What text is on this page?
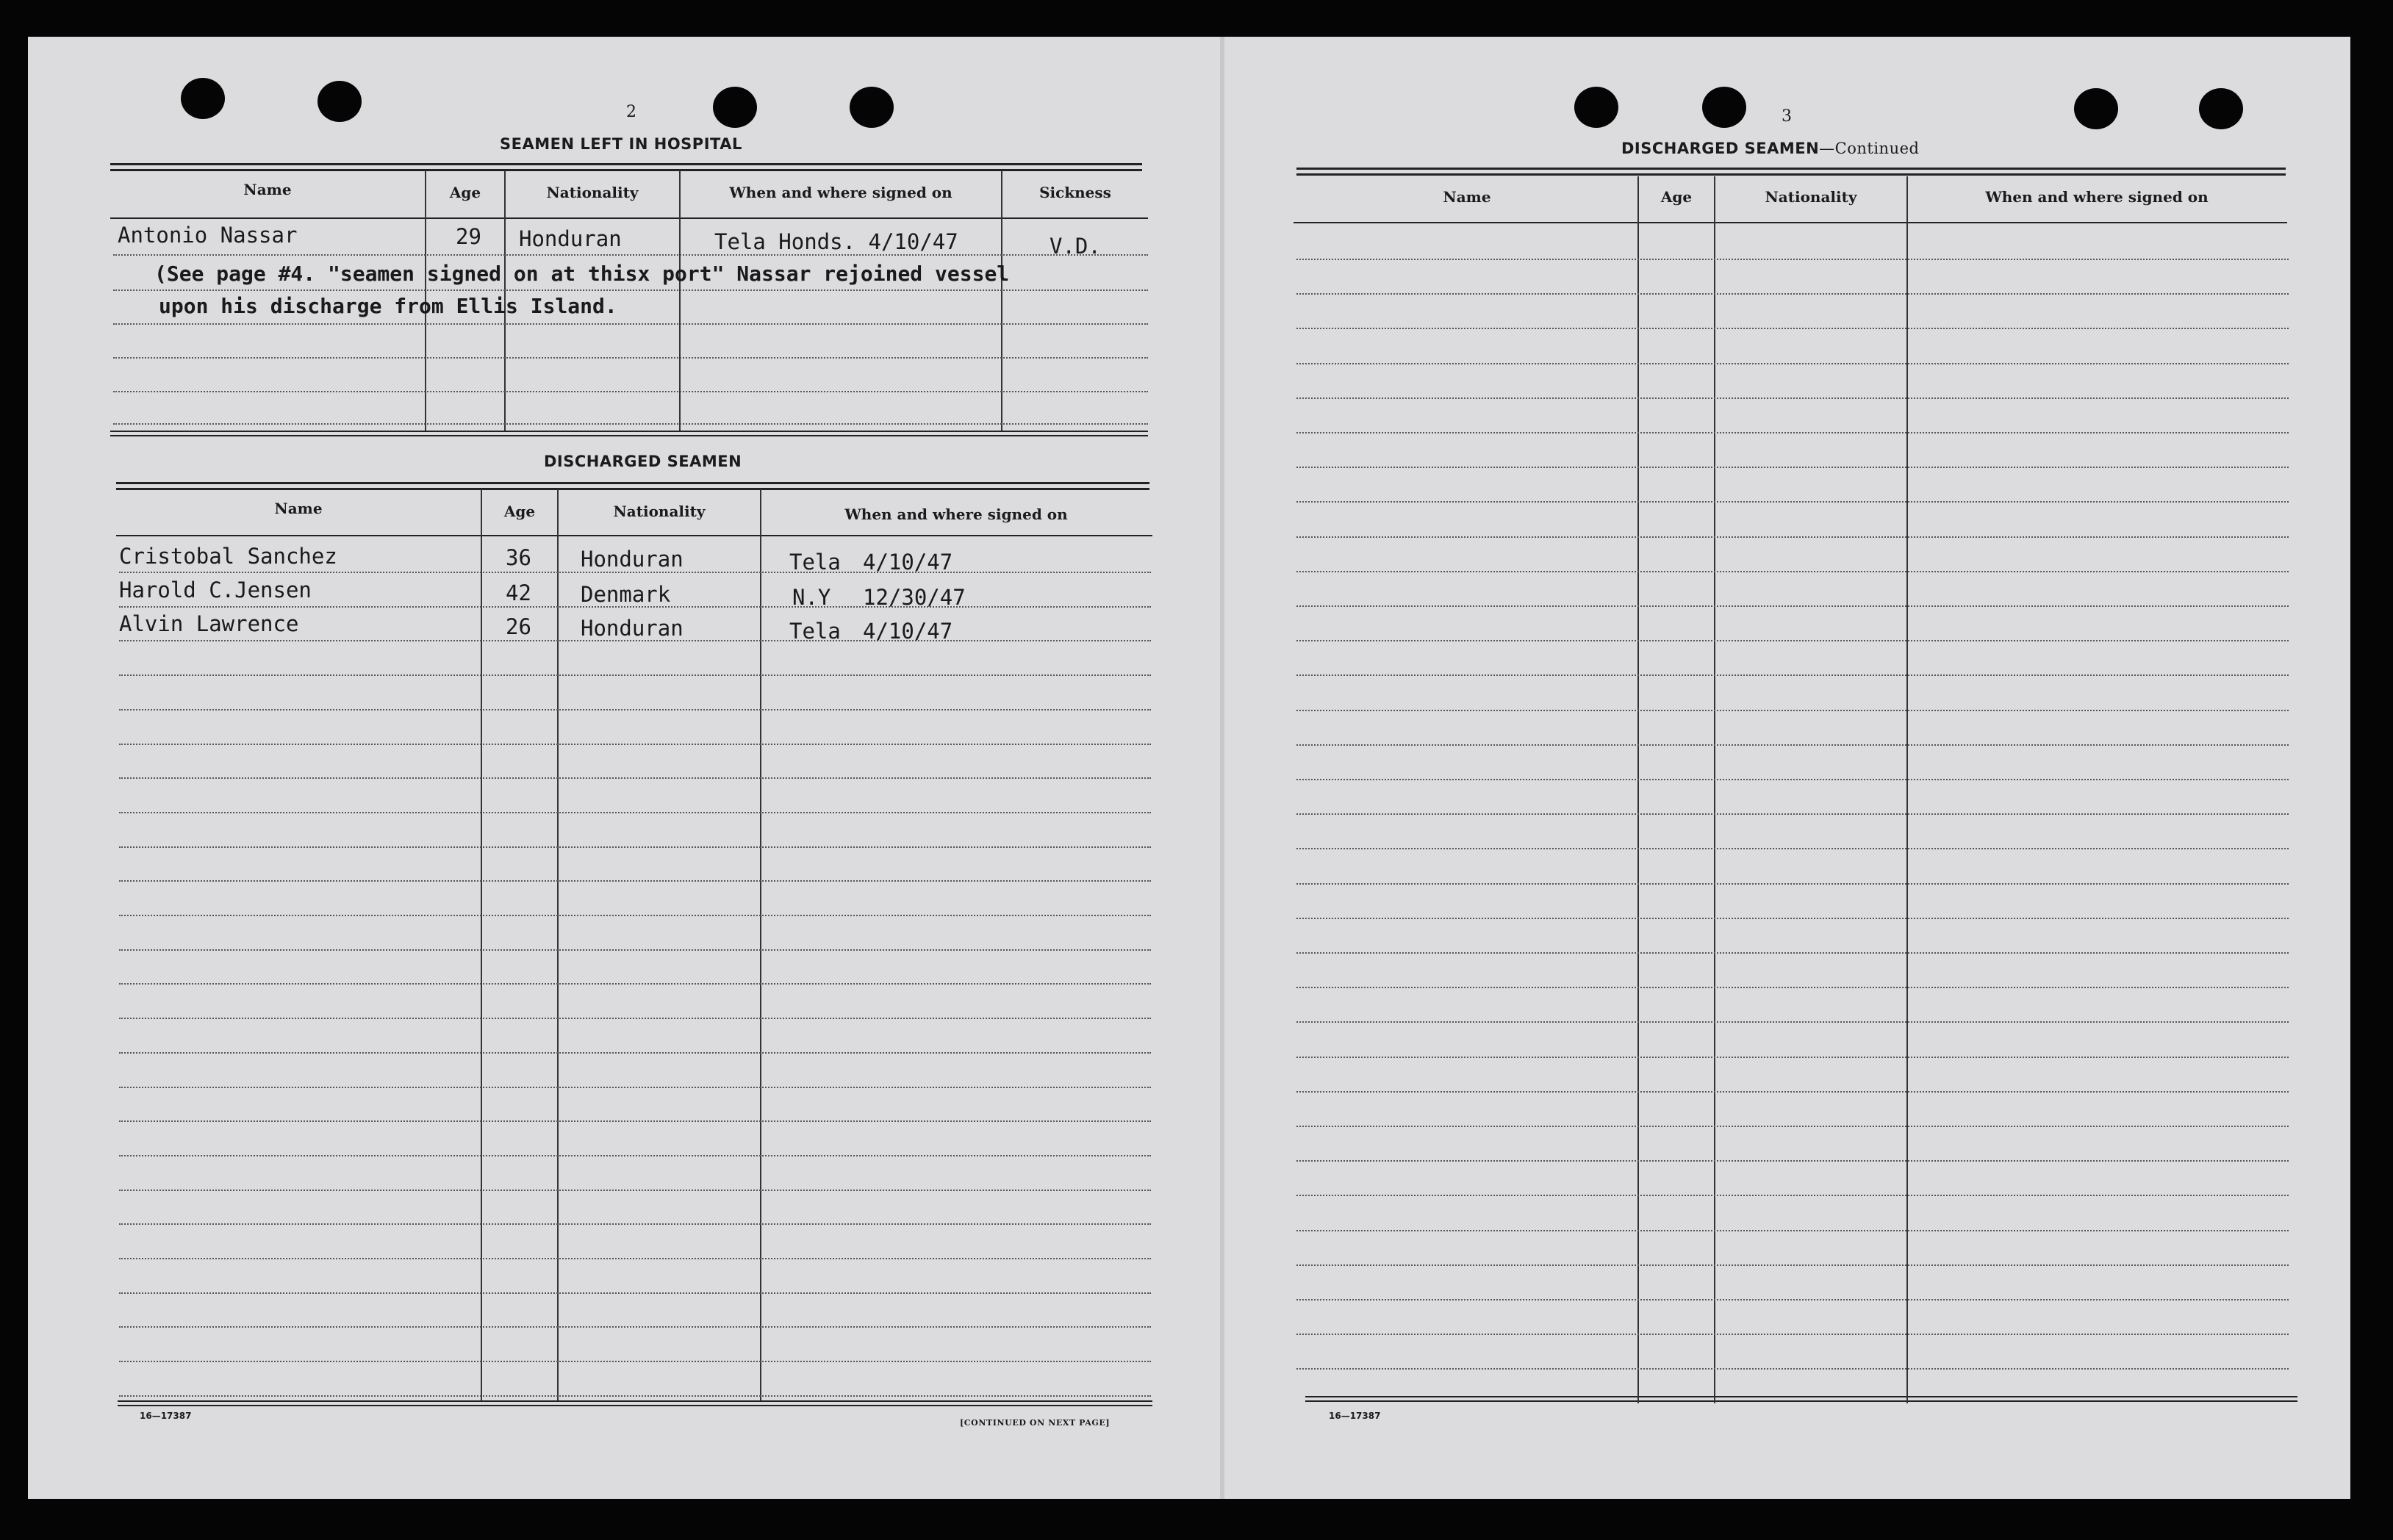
2
SEAMEN LEFT IN HOSPITAL
Name	Age	Nationality	When and where signed on	Sickness
Antonio Nassar	29 Honduran	Tela Honds. 4/10/47	V.D.
(See page #4. "seamen signed on at thisx port" Nassar rejoined vessel
upon his discharge from Ellis Island.
DISCHARGED SEAMEN
Name	Age	Nationality	When and where signed on
Cristobal Sanchez	36 Honduran	Tela 4/10/47
Harold C.Jensen	42 Denmark	N.Y 12/30/47
Alvin Lawrence	26 Honduran	Tela 4/10/47
16—17387
[CONTINUED ON NEXT PAGE]
3
DISCHARGED SEAMEN—Continued
Name	Age	Nationality	When and where signed on
16—17387
